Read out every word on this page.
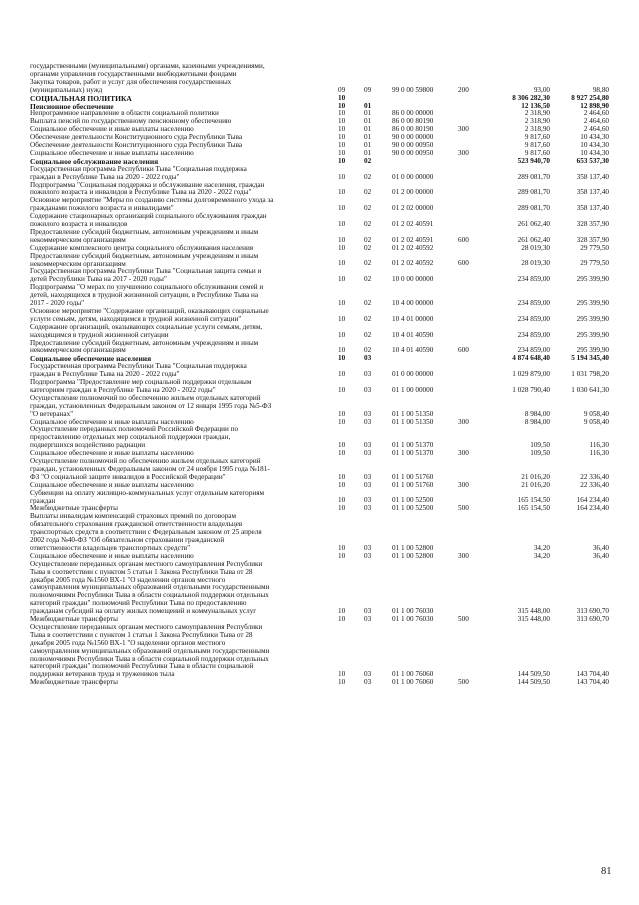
государственными (муниципальными) органами, казенными учреждениями,
органами управления государственными внебюджетными фондами
Закупка товаров, работ и услуг для обеспечения государственных
(муниципальных) нужд	09	09	99 0 00 59800	200	93,00	98,80
СОЦИАЛЬНАЯ ПОЛИТИКА	10	8 306 282,30	8 927 254,80
Пенсионное обеспечение	10	01	12 136,50	12 898,90
Непрограммное направление в области социальной политики	10	01	86 0 00 00000	2 318,90	2 464,60
Выплата пенсий по государственному пенсионному обеспечению	10	01	86 0 00 80190	2 318,90	2 464,60
Социальное обеспечение и иные выплаты населению	10	01	86 0 00 80190	300	2 318,90	2 464,60
Обеспечение деятельности Конституционного суда Республики Тыва	10	01	90 0 00 00000	9 817,60	10 434,30
Обеспечение деятельности Конституционного суда Республики Тыва	10	01	90 0 00 00950	9 817,60	10 434,30
Социальное обеспечение и иные выплаты населению	10	01	90 0 00 00950	300	9 817,60	10 434,30
Социальное обслуживание населения	10	02	523 940,70	653 537,30
Государственная программа Республики Тыва "Социальная поддержка
граждан в Республике Тыва на 2020 - 2022 годы"	10	02	01 0 00 00000	289 081,70	358 137,40
Подпрограмма "Социальная поддержка и обслуживание населения, граждан
пожилого возраста и инвалидов в Республике Тыва на 2020 - 2022 годы"	10	02	01 2 00 00000	289 081,70	358 137,40
Основное мероприятие "Меры по созданию системы долговременного ухода за
гражданами пожилого возраста и инвалидами"	10	02	01 2 02 00000	289 081,70	358 137,40
Содержание стационарных организаций социального обслуживания граждан
пожилого возраста и инвалидов	10	02	01 2 02 40591	261 062,40	328 357,90
Предоставление субсидий бюджетным, автономным учреждениям и иным
некоммерческим организациям	10	02	01 2 02 40591	600	261 062,40	328 357,90
Содержание комплексного центра социального обслуживания населения	10	02	01 2 02 40592	28 019,30	29 779,50
Предоставление субсидий бюджетным, автономным учреждениям и иным
некоммерческим организациям	10	02	01 2 02 40592	600	28 019,30	29 779,50
Государственная программа Республики Тыва "Социальная защита семьи и
детей Республики Тыва на 2017 - 2020 годы"	10	02	10 0 00 00000	234 859,00	295 399,90
Подпрограмма "О мерах по улучшению социального обслуживания семей и
детей, находящихся в трудной жизненной ситуации, в Республике Тыва на
2017 - 2020 годы"	10	02	10 4 00 00000	234 859,00	295 399,90
Основное мероприятие "Содержание организаций, оказывающих социальные
услуги семьям, детям, находящимся в трудной жизненной ситуации"	10	02	10 4 01 00000	234 859,00	295 399,90
Содержание организаций, оказывающих социальные услуги семьям, детям,
находящимся в трудной жизненной ситуации	10	02	10 4 01 40590	234 859,00	295 399,90
Предоставление субсидий бюджетным, автономным учреждениям и иным
некоммерческим организациям	10	02	10 4 01 40590	600	234 859,00	295 399,90
Социальное обеспечение населения	10	03	4 874 648,40	5 194 345,40
Государственная программа Республики Тыва "Социальная поддержка
граждан в Республике Тыва на 2020 - 2022 годы"	10	03	01 0 00 00000	1 029 879,00	1 031 798,20
Подпрограмма "Предоставление мер социальной поддержки отдельным
категориям граждан в Республике Тыва на 2020 - 2022 годы"	10	03	01 1 00 00000	1 028 790,40	1 030 641,30
Осуществление полномочий по обеспечению жильем отдельных категорий
граждан, установленных Федеральным законом от 12 января 1995 года №5-ФЗ
"О ветеранах"	10	03	01 1 00 51350	8 984,00	9 058,40
Социальное обеспечение и иные выплаты населению	10	03	01 1 00 51350	300	8 984,00	9 058,40
Осуществление переданных полномочий Российской Федерации по
предоставлению отдельных мер социальной поддержки граждан,
подвергшихся воздействию радиации	10	03	01 1 00 51370	109,50	116,30
Социальное обеспечение и иные выплаты населению	10	03	01 1 00 51370	300	109,50	116,30
Осуществление полномочий по обеспечению жильем отдельных категорий
граждан, установленных Федеральным законом от 24 ноября 1995 года №181-
ФЗ "О социальной защите инвалидов в Российской Федерации"	10	03	01 1 00 51760	21 016,20	22 336,40
Социальное обеспечение и иные выплаты населению	10	03	01 1 00 51760	300	21 016,20	22 336,40
Субвенции на оплату жилищно-коммунальных услуг отдельным категориям
граждан	10	03	01 1 00 52500	165 154,50	164 234,40
Межбюджетные трансферты	10	03	01 1 00 52500	500	165 154,50	164 234,40
Выплаты инвалидам компенсаций страховых премий по договорам
обязательного страхования гражданской ответственности владельцев
транспортных средств в соответствии с Федеральным законом от 25 апреля
2002 года №40-ФЗ "Об обязательном страховании гражданской
ответственности владельцев транспортных средств"	10	03	01 1 00 52800	34,20	36,40
Социальное обеспечение и иные выплаты населению	10	03	01 1 00 52800	300	34,20	36,40
Осуществление переданных органам местного самоуправления Республики
Тыва в соответствии с пунктом 5 статьи 1 Закона Республики Тыва от 28
декабря 2005 года №1560 ВХ-1 "О наделении органов местного
самоуправления муниципальных образований отдельными государственными
полномочиями Республики Тыва в области социальной поддержки отдельных
категорий граждан" полномочий Республики Тыва по предоставлению
гражданам субсидий на оплату жилых помещений и коммунальных услуг	10	03	01 1 00 76030	315 448,00	313 690,70
Межбюджетные трансферты	10	03	01 1 00 76030	500	315 448,00	313 690,70
Осуществление переданных органам местного самоуправления Республики
Тыва в соответствии с пунктом 1 статьи 1 Закона Республики Тыва от 28
декабря 2005 года №1560 ВХ-1 "О наделении органов местного
самоуправления муниципальных образований отдельными государственными
полномочиями Республики Тыва в области социальной поддержки отдельных
категорий граждан" полномочий Республики Тыва в области социальной
поддержки ветеранов труда и тружеников тыла	10	03	01 1 00 76060	144 509,50	143 704,40
Межбюджетные трансферты	10	03	01 1 00 76060	500	144 509,50	143 704,40
81
